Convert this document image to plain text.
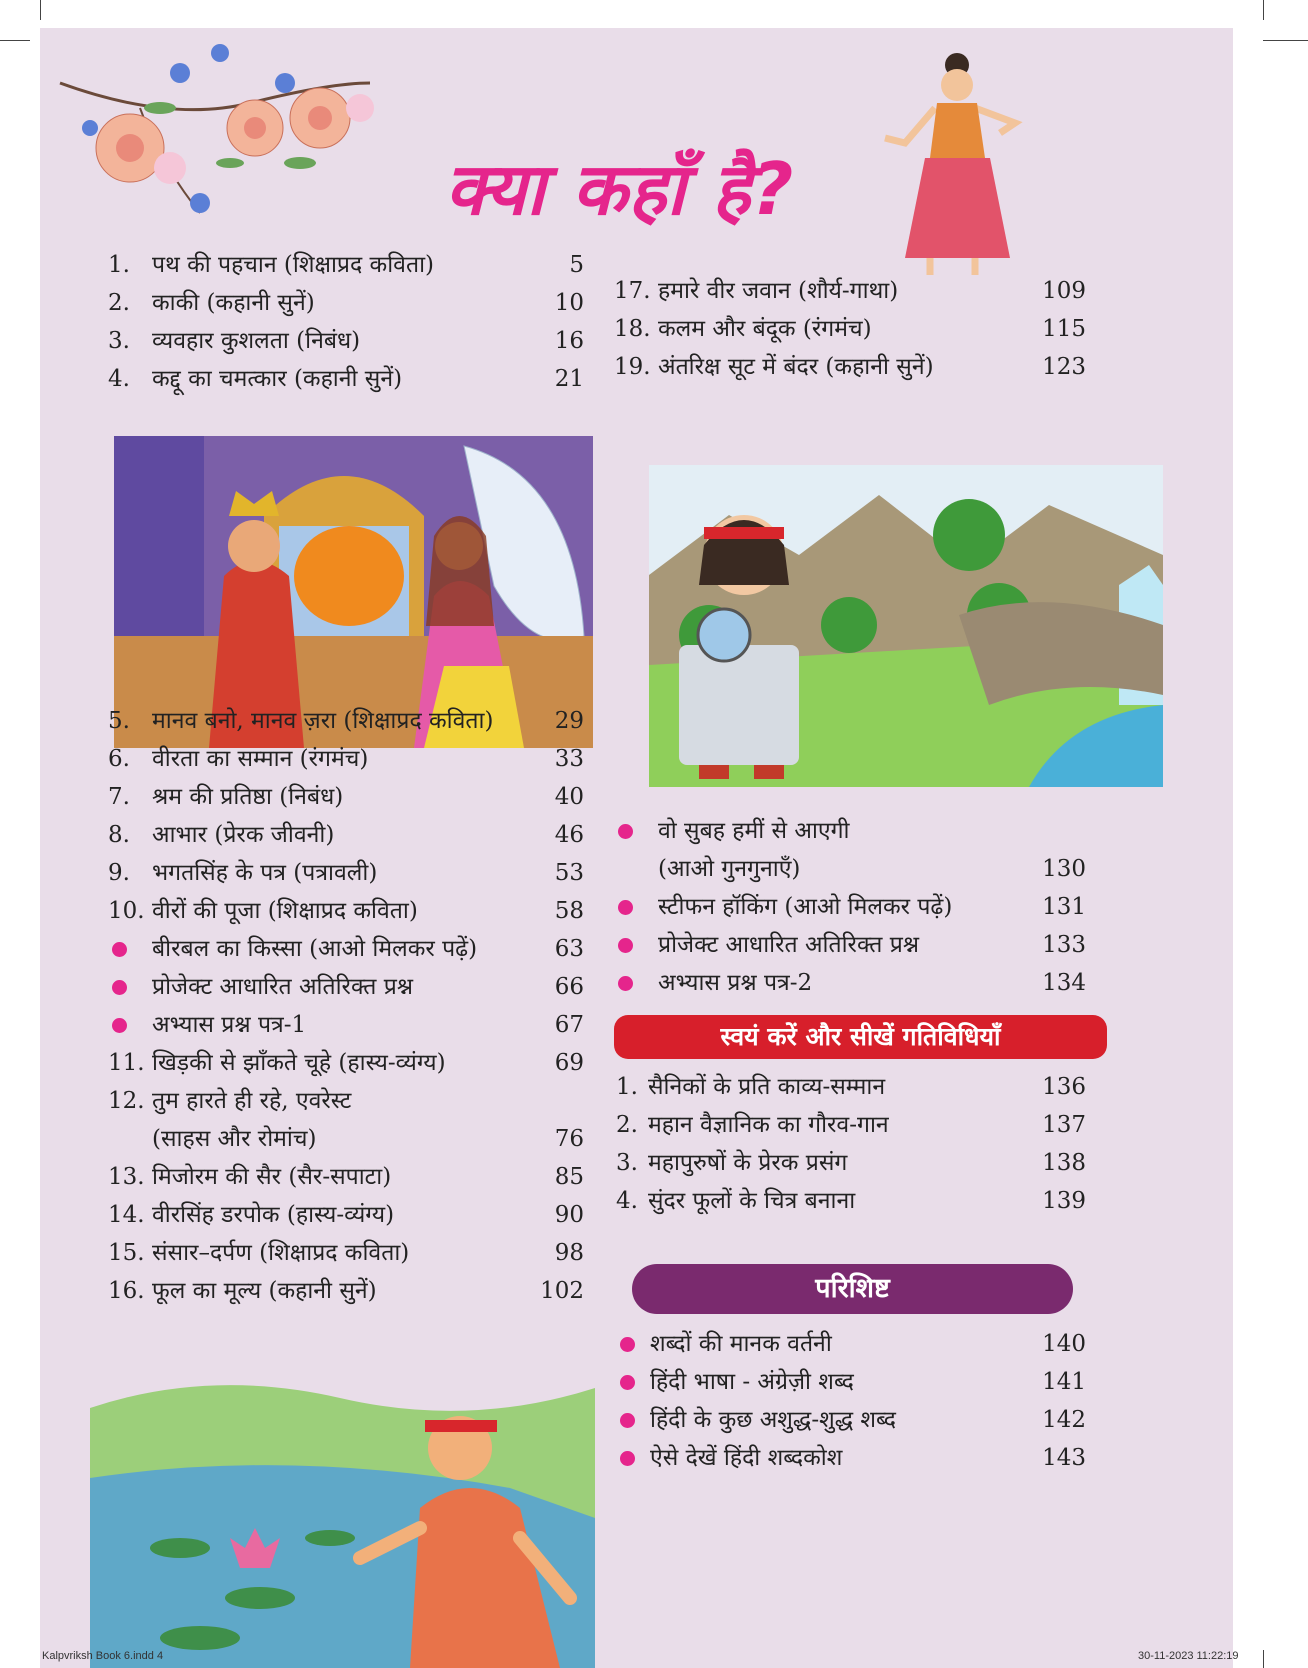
क्या कहाँ है?
1. पथ की पहचान (शिक्षाप्रद कविता)	5
2. काकी (कहानी सुनें)	10
3. व्यवहार कुशलता (निबंध)	16
4. कद्दू का चमत्कार (कहानी सुनें)	21
5. मानव बनो, मानव ज़रा (शिक्षाप्रद कविता)	29
6. वीरता का सम्मान (रंगमंच)	33
7. श्रम की प्रतिष्ठा (निबंध)	40
8. आभार (प्रेरक जीवनी)	46
9. भगतसिंह के पत्र (पत्रावली)	53
10. वीरों की पूजा (शिक्षाप्रद कविता)	58
बीरबल का किस्सा (आओ मिलकर पढ़ें)	63
प्रोजेक्ट आधारित अतिरिक्त प्रश्न	66
अभ्यास प्रश्न पत्र-1	67
11. खिड़की से झाँकते चूहे (हास्य-व्यंग्य)	69
12. तुम हारते ही रहे, एवरेस्ट
(साहस और रोमांच)	76
13. मिजोरम की सैर (सैर-सपाटा)	85
14. वीरसिंह डरपोक (हास्य-व्यंग्य)	90
15. संसार–दर्पण (शिक्षाप्रद कविता)	98
16. फूल का मूल्य (कहानी सुनें)	102
17. हमारे वीर जवान (शौर्य-गाथा)	109
18. कलम और बंदूक (रंगमंच)	115
19. अंतरिक्ष सूट में बंदर (कहानी सुनें)	123
वो सुबह हमीं से आएगी
(आओ गुनगुनाएँ)	130
स्टीफन हॉकिंग (आओ मिलकर पढ़ें)	131
प्रोजेक्ट आधारित अतिरिक्त प्रश्न	133
अभ्यास प्रश्न पत्र-2	134
स्वयं करें और सीखें गतिविधियाँ
1. सैनिकों के प्रति काव्य-सम्मान	136
2. महान वैज्ञानिक का गौरव-गान	137
3. महापुरुषों के प्रेरक प्रसंग	138
4. सुंदर फूलों के चित्र बनाना	139
परिशिष्ट
शब्दों की मानक वर्तनी	140
हिंदी भाषा - अंग्रेज़ी शब्द	141
हिंदी के कुछ अशुद्ध-शुद्ध शब्द	142
ऐसे देखें हिंदी शब्दकोश	143
Kalpvriksh Book 6.indd 4	30-11-2023 11:22:19
